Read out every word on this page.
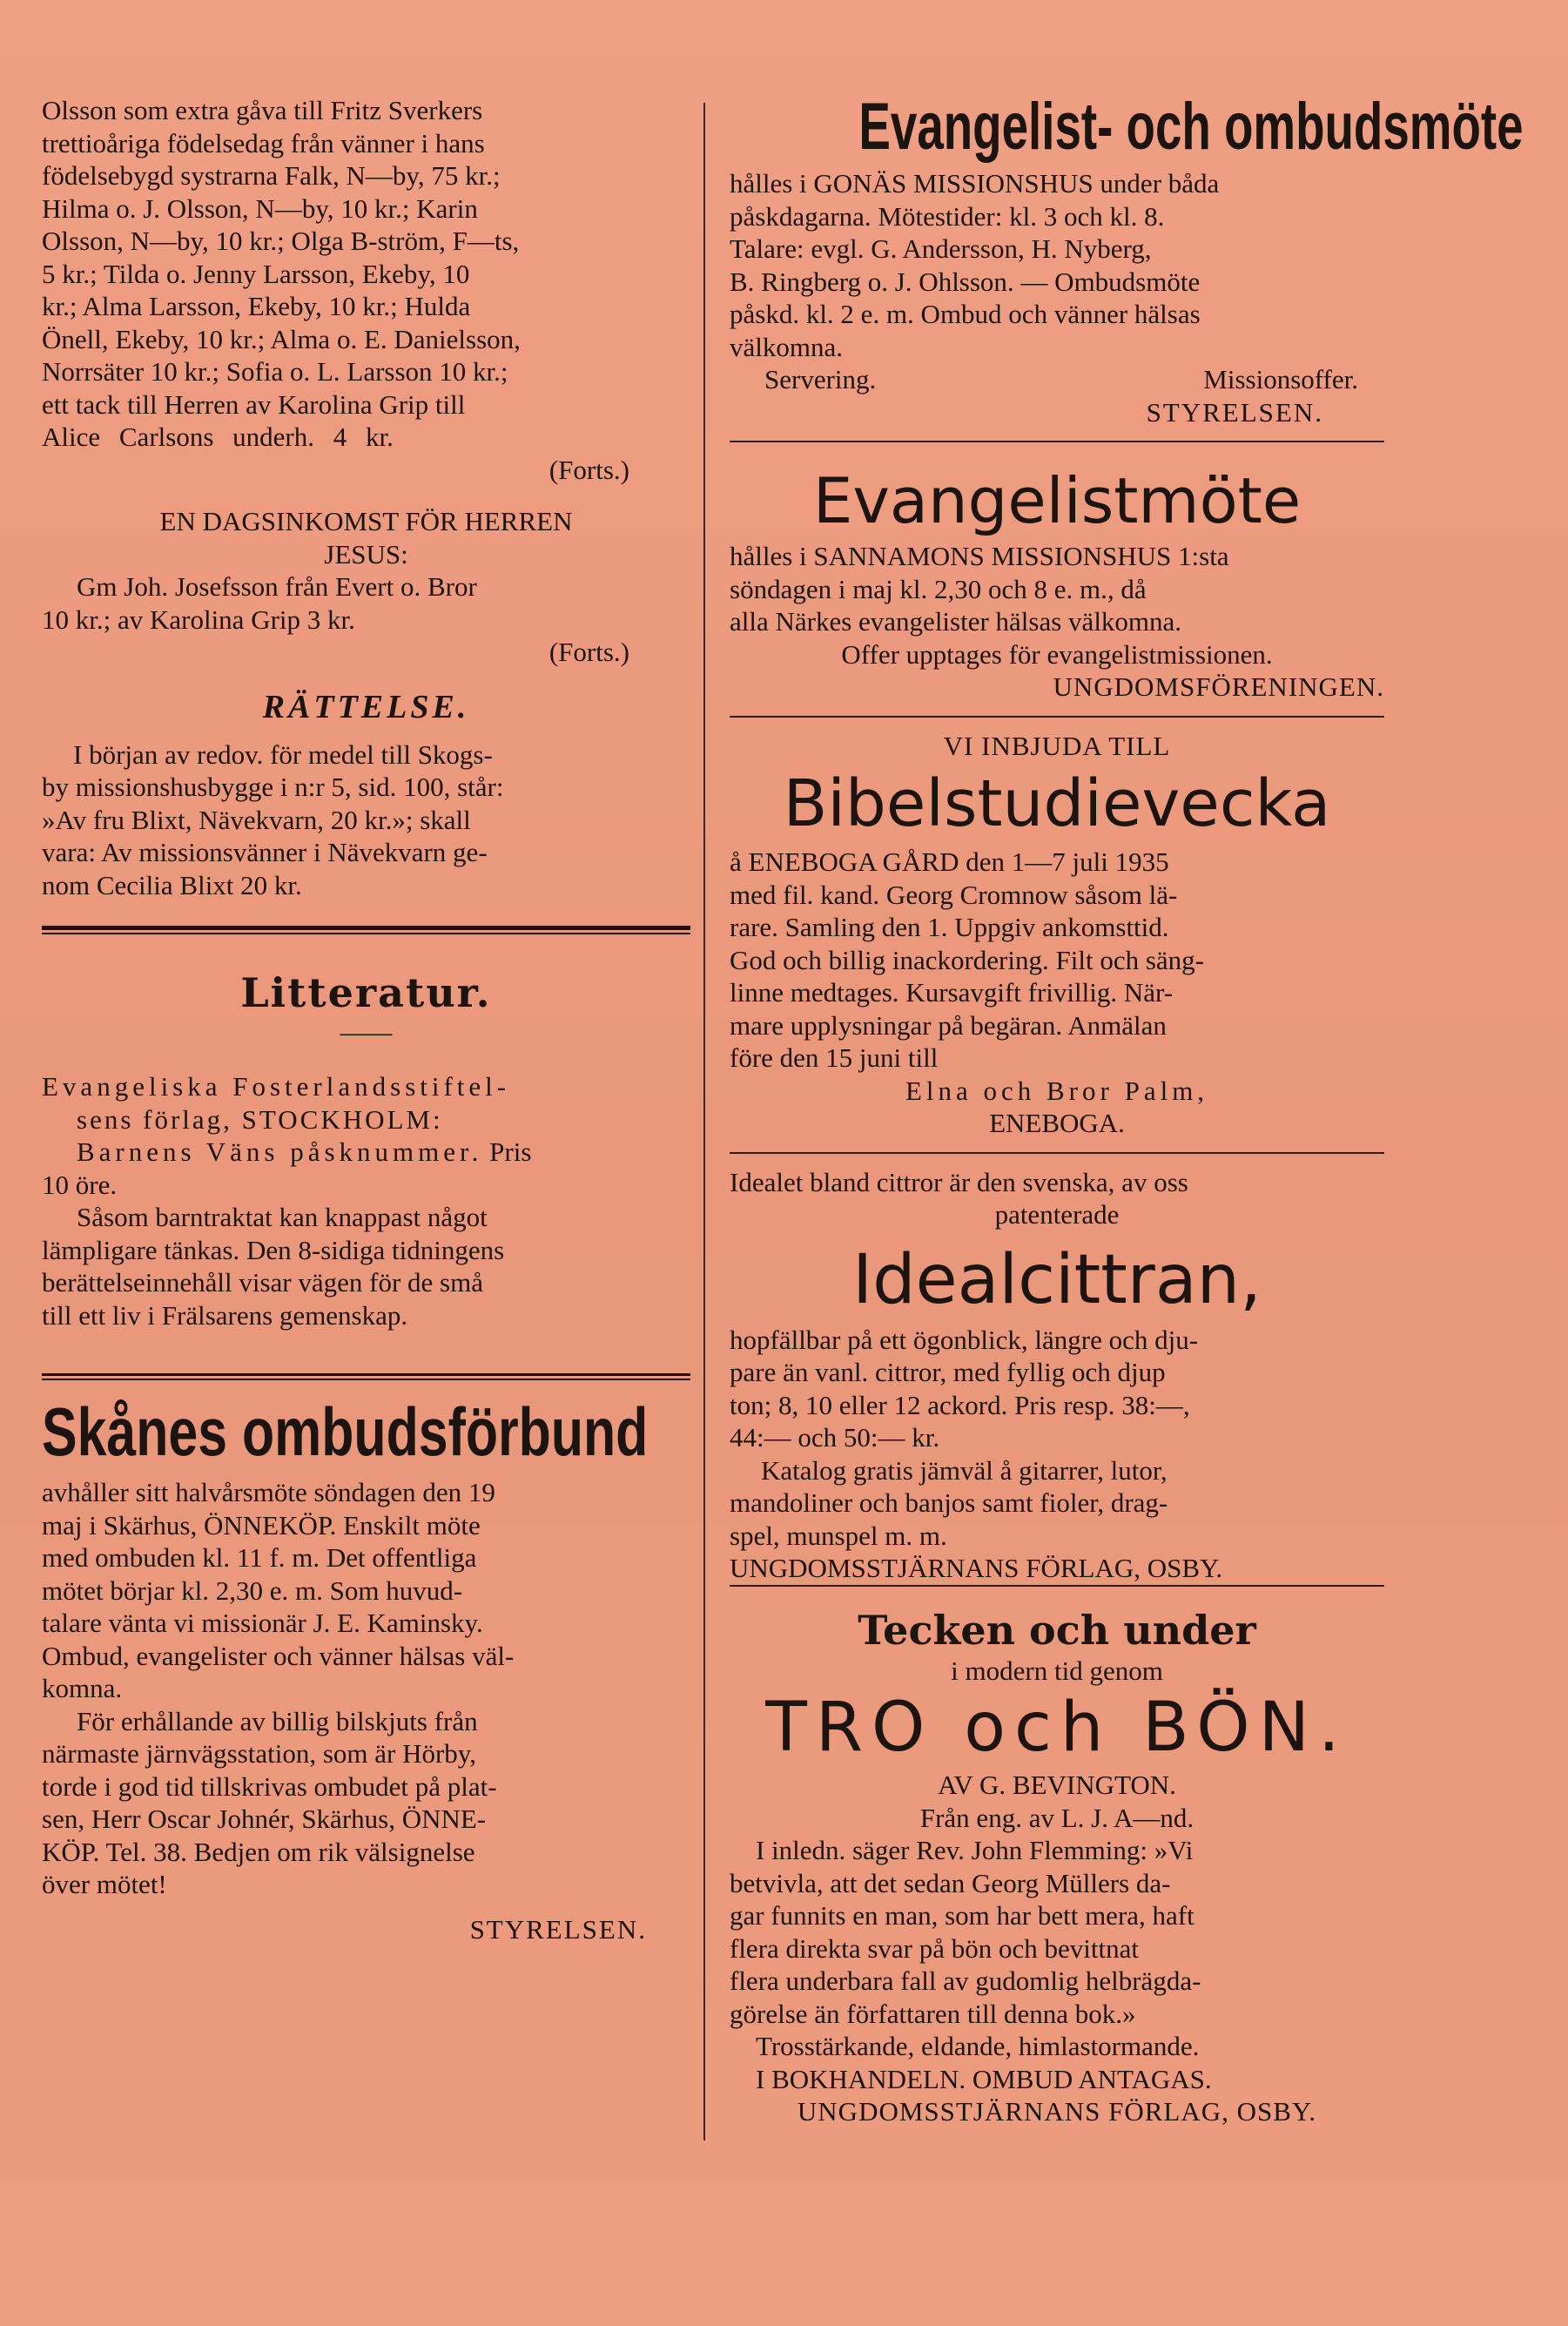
Olsson som extra gåva till Fritz Sverkers

trettioåriga födelsedag från vänner i hans

födelsebygd systrarna Falk, N—by, 75 kr.;

Hilma o. J. Olsson, N—by, 10 kr.; Karin

Olsson, N—by, 10 kr.; Olga B-ström, F—ts,

5 kr.; Tilda o. Jenny Larsson, Ekeby, 10

kr.; Alma Larsson, Ekeby, 10 kr.; Hulda

Önell, Ekeby, 10 kr.; Alma o. E. Danielsson,

Norrsäter 10 kr.; Sofia o. L. Larsson 10 kr.;

ett tack till Herren av Karolina Grip till

Alice Carlsons underh. 4 kr.

(Forts.)

EN DAGSINKOMST FÖR HERREN

JESUS:

Gm Joh. Josefsson från Evert o. Bror

10 kr.; av Karolina Grip 3 kr.

(Forts.)

RÄTTELSE.

I början av redov. för medel till Skogs-

by missionshusbygge i n:r 5, sid. 100, står:

»Av fru Blixt, Nävekvarn, 20 kr.»; skall

vara: Av missionsvänner i Nävekvarn ge-

nom Cecilia Blixt 20 kr.

Litteratur.

——

Evangeliska Fosterlandsstiftel-

sens förlag, STOCKHOLM:

Barnens Väns påsknummer. Pris

10 öre.

Såsom barntraktat kan knappast något

lämpligare tänkas. Den 8-sidiga tidningens

berättelseinnehåll visar vägen för de små

till ett liv i Frälsarens gemenskap.

Skånes ombudsförbund

avhåller sitt halvårsmöte söndagen den 19

maj i Skärhus, ÖNNEKÖP. Enskilt möte

med ombuden kl. 11 f. m. Det offentliga

mötet börjar kl. 2,30 e. m. Som huvud-

talare vänta vi missionär J. E. Kaminsky.

Ombud, evangelister och vänner hälsas väl-

komna.

För erhållande av billig bilskjuts från

närmaste järnvägsstation, som är Hörby,

torde i god tid tillskrivas ombudet på plat-

sen, Herr Oscar Johnér, Skärhus, ÖNNE-

KÖP. Tel. 38. Bedjen om rik välsignelse

över mötet!

STYRELSEN.

Evangelist- och ombudsmöte

hålles i GONÄS MISSIONSHUS under båda

påskdagarna. Mötestider: kl. 3 och kl. 8.

Talare: evgl. G. Andersson, H. Nyberg,

B. Ringberg o. J. Ohlsson. — Ombudsmöte

påskd. kl. 2 e. m. Ombud och vänner hälsas

välkomna.

Servering.	Missionsoffer.

STYRELSEN.

Evangelistmöte

hålles i SANNAMONS MISSIONSHUS 1:sta

söndagen i maj kl. 2,30 och 8 e. m., då

alla Närkes evangelister hälsas välkomna.

Offer upptages för evangelistmissionen.

UNGDOMSFÖRENINGEN.

VI INBJUDA TILL

Bibelstudievecka

å ENEBOGA GÅRD den 1—7 juli 1935

med fil. kand. Georg Cromnow såsom lä-

rare. Samling den 1. Uppgiv ankomsttid.

God och billig inackordering. Filt och säng-

linne medtages. Kursavgift frivillig. När-

mare upplysningar på begäran. Anmälan

före den 15 juni till

Elna och Bror Palm,

ENEBOGA.

Idealet bland cittror är den svenska, av oss

patenterade

Idealcittran,

hopfällbar på ett ögonblick, längre och dju-

pare än vanl. cittror, med fyllig och djup

ton; 8, 10 eller 12 ackord. Pris resp. 38:—,

44:— och 50:— kr.

Katalog gratis jämväl å gitarrer, lutor,

mandoliner och banjos samt fioler, drag-

spel, munspel m. m.

UNGDOMSSTJÄRNANS FÖRLAG, OSBY.

Tecken och under

i modern tid genom

TRO och BÖN.

AV G. BEVINGTON.

Från eng. av L. J. A—nd.

I inledn. säger Rev. John Flemming: »Vi

betvivla, att det sedan Georg Müllers da-

gar funnits en man, som har bett mera, haft

flera direkta svar på bön och bevittnat

flera underbara fall av gudomlig helbrägda-

görelse än författaren till denna bok.»

Trosstärkande, eldande, himlastormande.

I BOKHANDELN. OMBUD ANTAGAS.

UNGDOMSSTJÄRNANS FÖRLAG, OSBY.
